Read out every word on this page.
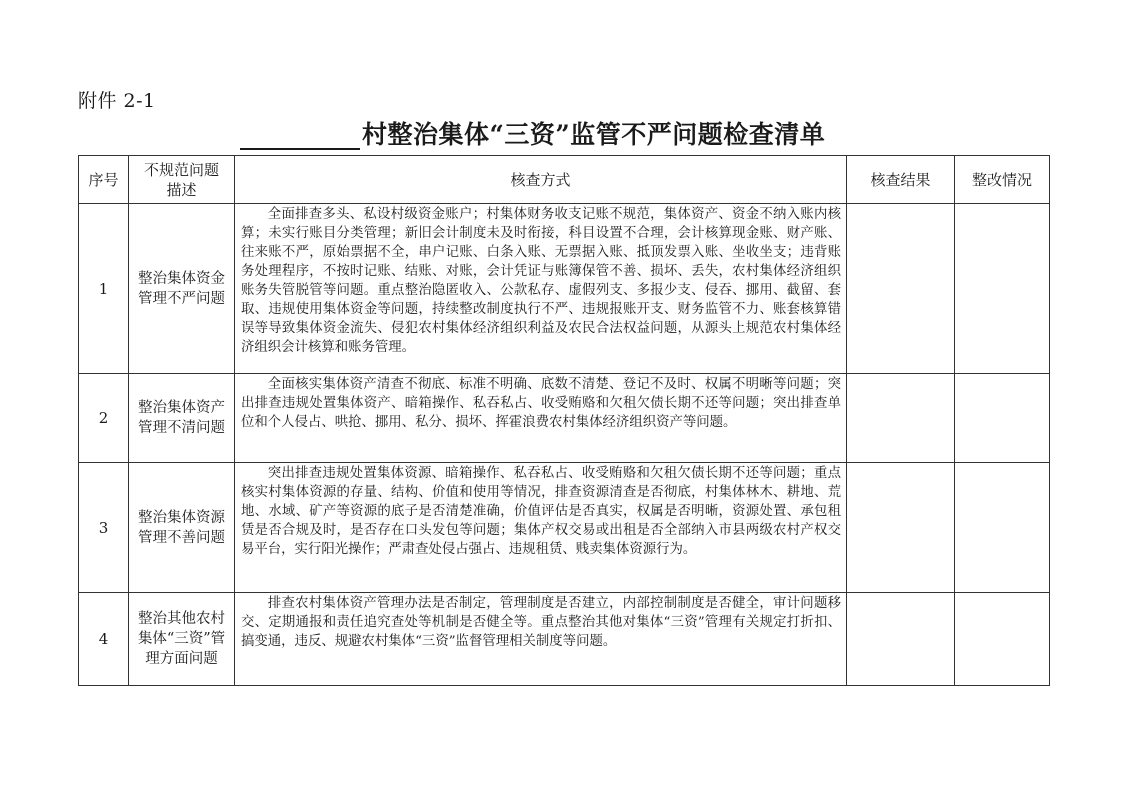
附件 2-1
村整治集体“三资”监管不严问题检查清单
序号	不规范问题描述	核查方式	核查结果	整改情况
1	整治集体资金管理不严问题	全面排查多头、私设村级资金账户；村集体财务收支记账不规范，集体资产、资金不纳入账内核算；未实行账目分类管理；新旧会计制度未及时衔接，科目设置不合理，会计核算现金账、财产账、往来账不严，原始票据不全，串户记账、白条入账、无票据入账、抵顶发票入账、坐收坐支；违背账务处理程序，不按时记账、结账、对账，会计凭证与账簿保管不善、损坏、丢失，农村集体经济组织账务失管脱管等问题。重点整治隐匿收入、公款私存、虚假列支、多报少支、侵吞、挪用、截留、套取、违规使用集体资金等问题，持续整改制度执行不严、违规报账开支、财务监管不力、账套核算错误等导致集体资金流失、侵犯农村集体经济组织利益及农民合法权益问题，从源头上规范农村集体经济组织会计核算和账务管理。		

2	整治集体资产管理不清问题	全面核实集体资产清查不彻底、标准不明确、底数不清楚、登记不及时、权属不明晰等问题；突出排查违规处置集体资产、暗箱操作、私吞私占、收受贿赂和欠租欠债长期不还等问题；突出排查单位和个人侵占、哄抢、挪用、私分、损坏、挥霍浪费农村集体经济组织资产等问题。		

3	整治集体资源管理不善问题	突出排查违规处置集体资源、暗箱操作、私吞私占、收受贿赂和欠租欠债长期不还等问题；重点核实村集体资源的存量、结构、价值和使用等情况，排查资源清查是否彻底，村集体林木、耕地、荒地、水域、矿产等资源的底子是否清楚准确，价值评估是否真实，权属是否明晰，资源处置、承包租赁是否合规及时，是否存在口头发包等问题；集体产权交易或出租是否全部纳入市县两级农村产权交易平台，实行阳光操作；严肃查处侵占强占、违规租赁、贱卖集体资源行为。		

4	整治其他农村集体“三资”管理方面问题	排查农村集体资产管理办法是否制定，管理制度是否建立，内部控制制度是否健全，审计问题移交、定期通报和责任追究查处等机制是否健全等。重点整治其他对集体“三资”管理有关规定打折扣、搞变通，违反、规避农村集体“三资”监督管理相关制度等问题。		
